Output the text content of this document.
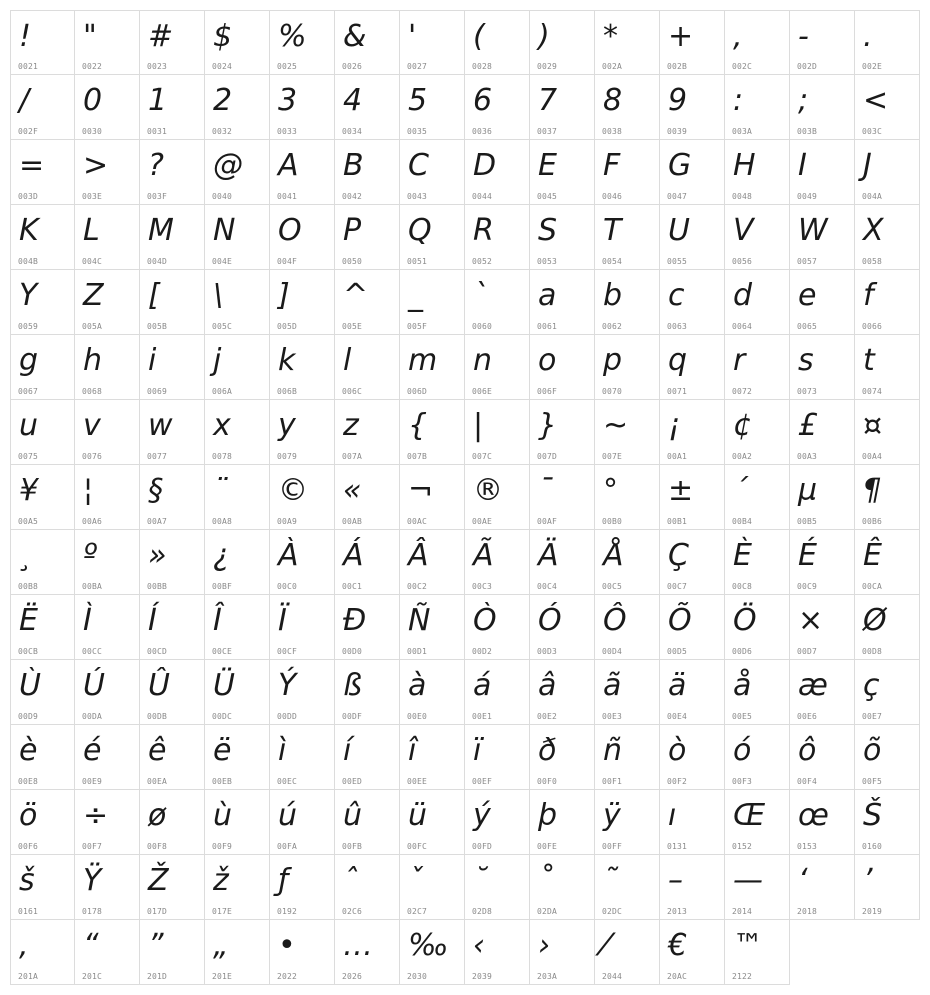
!
0021
"
0022
#
0023
$
0024
%
0025
&
0026
'
0027
(
0028
)
0029
*
002A
+
002B
,
002C
-
002D
.
002E
/
002F
0
0030
1
0031
2
0032
3
0033
4
0034
5
0035
6
0036
7
0037
8
0038
9
0039
:
003A
;
003B
<
003C
=
003D
>
003E
?
003F
@
0040
A
0041
B
0042
C
0043
D
0044
E
0045
F
0046
G
0047
H
0048
I
0049
J
004A
K
004B
L
004C
M
004D
N
004E
O
004F
P
0050
Q
0051
R
0052
S
0053
T
0054
U
0055
V
0056
W
0057
X
0058
Y
0059
Z
005A
[
005B
\
005C
]
005D
^
005E
_
005F
`
0060
a
0061
b
0062
c
0063
d
0064
e
0065
f
0066
g
0067
h
0068
i
0069
j
006A
k
006B
l
006C
m
006D
n
006E
o
006F
p
0070
q
0071
r
0072
s
0073
t
0074
u
0075
v
0076
w
0077
x
0078
y
0079
z
007A
{
007B
|
007C
}
007D
~
007E
¡
00A1
¢
00A2
£
00A3
¤
00A4
¥
00A5
¦
00A6
§
00A7
¨
00A8
©
00A9
«
00AB
¬
00AC
®
00AE
¯
00AF
°
00B0
±
00B1
´
00B4
µ
00B5
¶
00B6
¸
00B8
º
00BA
»
00BB
¿
00BF
À
00C0
Á
00C1
Â
00C2
Ã
00C3
Ä
00C4
Å
00C5
Ç
00C7
È
00C8
É
00C9
Ê
00CA
Ë
00CB
Ì
00CC
Í
00CD
Î
00CE
Ï
00CF
Ð
00D0
Ñ
00D1
Ò
00D2
Ó
00D3
Ô
00D4
Õ
00D5
Ö
00D6
×
00D7
Ø
00D8
Ù
00D9
Ú
00DA
Û
00DB
Ü
00DC
Ý
00DD
ß
00DF
à
00E0
á
00E1
â
00E2
ã
00E3
ä
00E4
å
00E5
æ
00E6
ç
00E7
è
00E8
é
00E9
ê
00EA
ë
00EB
ì
00EC
í
00ED
î
00EE
ï
00EF
ð
00F0
ñ
00F1
ò
00F2
ó
00F3
ô
00F4
õ
00F5
ö
00F6
÷
00F7
ø
00F8
ù
00F9
ú
00FA
û
00FB
ü
00FC
ý
00FD
þ
00FE
ÿ
00FF
ı
0131
Œ
0152
œ
0153
Š
0160
š
0161
Ÿ
0178
Ž
017D
ž
017E
ƒ
0192
ˆ
02C6
ˇ
02C7
˘
02D8
˚
02DA
˜
02DC
–
2013
—
2014
‘
2018
’
2019
‚
201A
“
201C
”
201D
„
201E
•
2022
…
2026
‰
2030
‹
2039
›
203A
⁄
2044
€
20AC
™
2122
